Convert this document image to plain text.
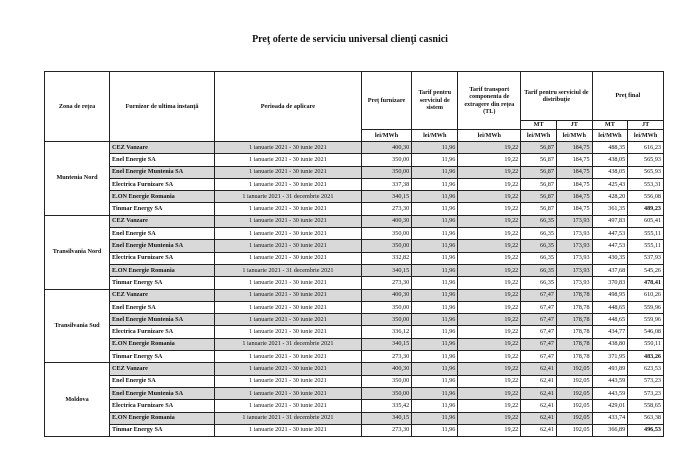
Preţ oferte de serviciu universal clienţi casnici
Zona de reţea	Furnizor de ultima instanţă	Perioada de aplicare	Preţ furnizare	Tarif pentru serviciul de sistem	Tarif transport componenta de extragere din reţea (TL)	Tarif pentru serviciul de distribuţie		Preţ final	
						MT	JT	MT	JT
			lei/MWh	lei/MWh	lei/MWh	lei/MWh	lei/MWh	lei/MWh	lei/MWh
Muntenia Nord	CEZ Vanzare	1 ianuarie 2021 - 30 iunie 2021	400,30	11,96	19,22	56,87	184,75	488,35	616,23
	Enel Energie SA	1 ianuarie 2021 - 30 iunie 2021	350,00	11,96	19,22	56,87	184,75	438,05	565,93
	Enel Energie Muntenia SA	1 ianuarie 2021 - 30 iunie 2021	350,00	11,96	19,22	56,87	184,75	438,05	565,93
	Electrica Furnizare SA	1 ianuarie 2021 - 30 iunie 2021	337,38	11,96	19,22	56,87	184,75	425,43	553,31
	E.ON Energie Romania	1 ianuarie 2021 - 31 decembrie 2021	340,15	11,96	19,22	56,87	184,75	428,20	556,08
	Tinmar Energy SA	1 ianuarie 2021 - 30 iunie 2021	273,30	11,96	19,22	56,87	184,75	361,35	489,23
Transilvania Nord	CEZ Vanzare	1 ianuarie 2021 - 30 iunie 2021	400,30	11,96	19,22	66,35	173,93	497,83	605,41
	Enel Energie SA	1 ianuarie 2021 - 30 iunie 2021	350,00	11,96	19,22	66,35	173,93	447,53	555,11
	Enel Energie Muntenia SA	1 ianuarie 2021 - 30 iunie 2021	350,00	11,96	19,22	66,35	173,93	447,53	555,11
	Electrica Furnizare SA	1 ianuarie 2021 - 30 iunie 2021	332,82	11,96	19,22	66,35	173,93	430,35	537,93
	E.ON Energie Romania	1 ianuarie 2021 - 31 decembrie 2021	340,15	11,96	19,22	66,35	173,93	437,68	545,26
	Tinmar Energy SA	1 ianuarie 2021 - 30 iunie 2021	273,30	11,96	19,22	66,35	173,93	370,83	478,41
Transilvania Sud	CEZ Vanzare	1 ianuarie 2021 - 30 iunie 2021	400,30	11,96	19,22	67,47	178,78	498,95	610,26
	Enel Energie SA	1 ianuarie 2021 - 30 iunie 2021	350,00	11,96	19,22	67,47	178,78	448,65	559,96
	Enel Energie Muntenia SA	1 ianuarie 2021 - 30 iunie 2021	350,00	11,96	19,22	67,47	178,78	448,65	559,96
	Electrica Furnizare SA	1 ianuarie 2021 - 30 iunie 2021	336,12	11,96	19,22	67,47	178,78	434,77	546,08
	E.ON Energie Romania	1 ianuarie 2021 - 31 decembrie 2021	340,15	11,96	19,22	67,47	178,78	438,80	550,11
	Tinmar Energy SA	1 ianuarie 2021 - 30 iunie 2021	273,30	11,96	19,22	67,47	178,78	371,95	483,26
Moldova	CEZ Vanzare	1 ianuarie 2021 - 30 iunie 2021	400,30	11,96	19,22	62,41	192,05	493,89	623,53
	Enel Energie SA	1 ianuarie 2021 - 30 iunie 2021	350,00	11,96	19,22	62,41	192,05	443,59	573,23
	Enel Energie Muntenia SA	1 ianuarie 2021 - 30 iunie 2021	350,00	11,96	19,22	62,41	192,05	443,59	573,23
	Electrica Furnizare SA	1 ianuarie 2021 - 30 iunie 2021	335,42	11,96	19,22	62,41	192,05	429,01	558,65
	E.ON Energie Romania	1 ianuarie 2021 - 31 decembrie 2021	340,15	11,96	19,22	62,41	192,05	433,74	563,38
	Tinmar Energy SA	1 ianuarie 2021 - 30 iunie 2021	273,30	11,96	19,22	62,41	192,05	366,89	496,53
